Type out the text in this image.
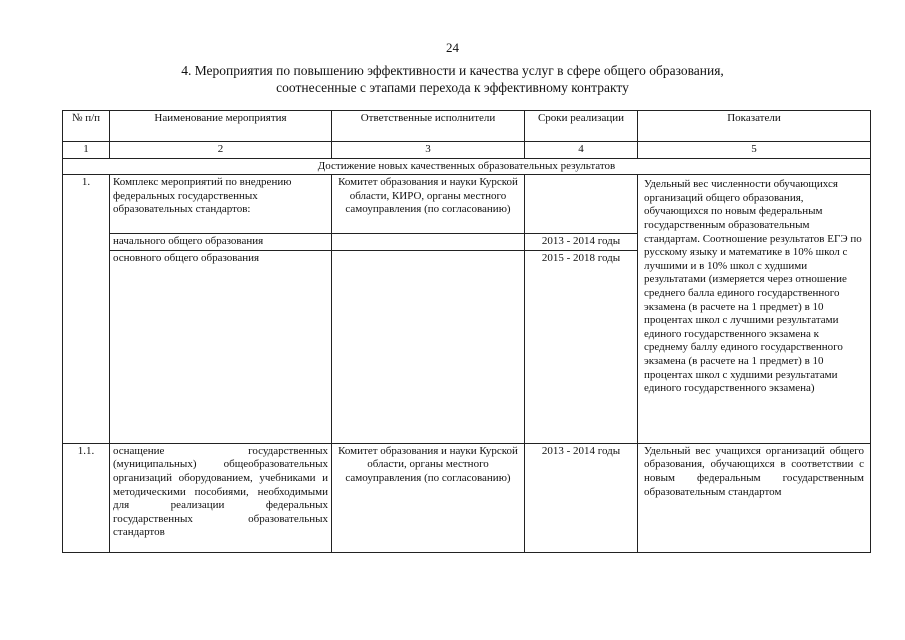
24
4. Мероприятия по повышению эффективности и качества услуг в сфере общего образования,
соотнесенные с этапами перехода к эффективному контракту
№ п/п	Наименование мероприятия	Ответственные исполнители	Сроки реализации	Показатели
1	2	3	4	5
Достижение новых качественных образовательных результатов				
1.	Комплекс мероприятий по внедрению федеральных государственных образовательных стандартов:	Комитет образования и науки Курской области, КИРО, органы местного самоуправления (по согласованию)		Удельный вес численности обучающихся организаций общего образования, обучающихся по новым федеральным государственным образовательным стандартам. Соотношение результатов ЕГЭ по русскому языку и математике в 10% школ с лучшими и в 10% школ с худшими результатами (измеряется через отношение среднего балла единого государственного экзамена (в расчете на 1 предмет) в 10 процентах школ с лучшими результатами единого государственного экзамена к среднему баллу единого государственного экзамена (в расчете на 1 предмет) в 10 процентах школ с худшими результатами единого государственного экзамена)
	начального общего образования		2013 - 2014 годы	

	основного общего образования		2015 - 2018 годы	
1.1.	оснащение государственных (муниципальных) общеобразовательных организаций оборудованием, учебниками и методическими пособиями, необходимыми для реализации федеральных государственных образовательных стандартов	Комитет образования и науки Курской области, органы местного самоуправления (по согласованию)	2013 - 2014 годы	Удельный вес учащихся организаций общего образования, обучающихся в соответствии с новым федеральным государственным образовательным стандартом
